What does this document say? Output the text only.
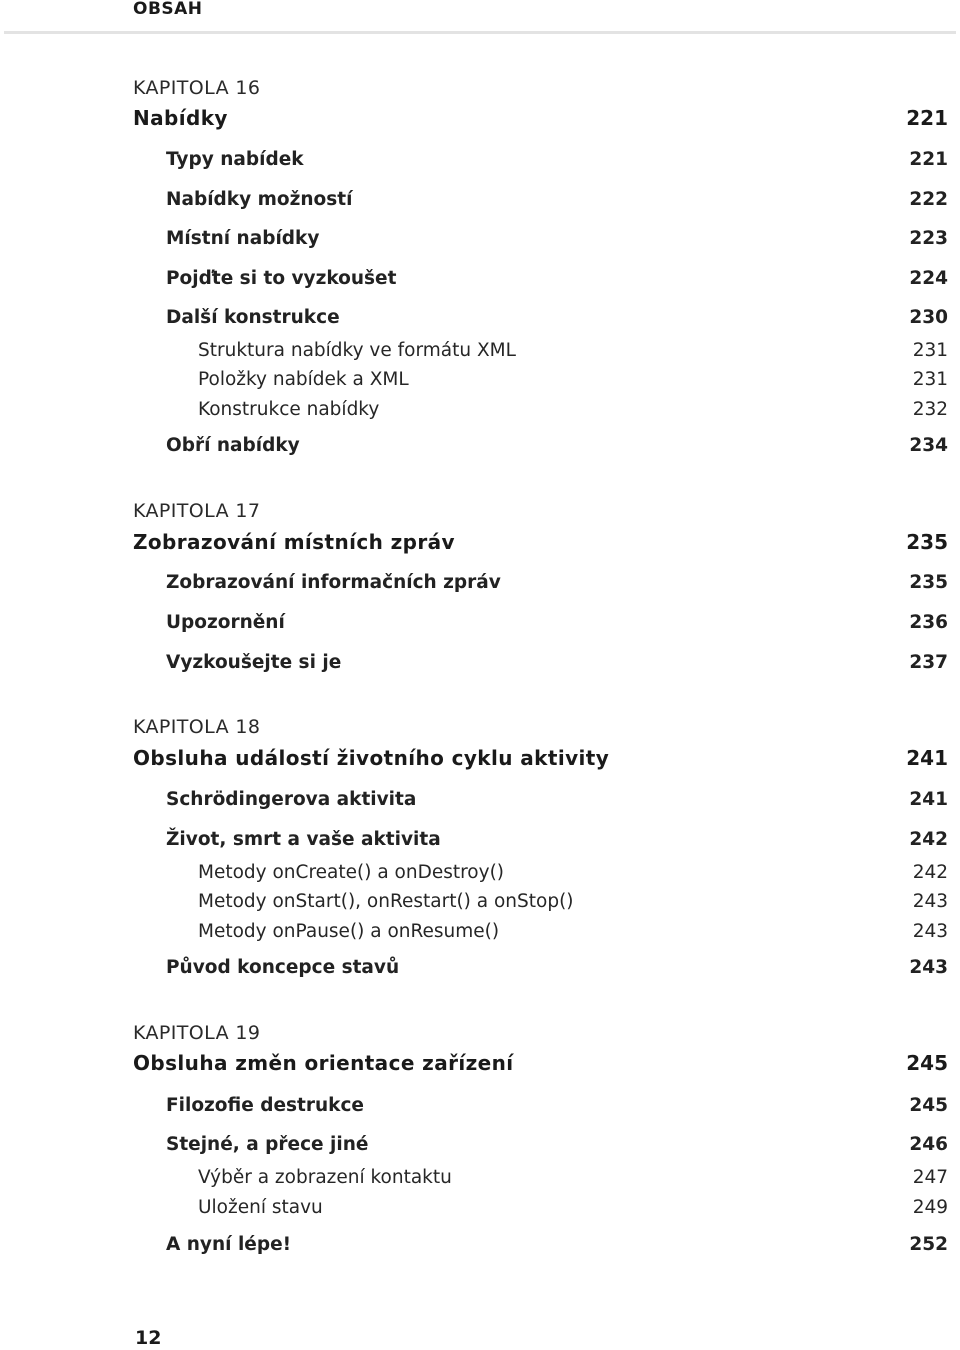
OBSAH
KAPITOLA 16
Nabídky	221
Typy nabídek	221
Nabídky možností	222
Místní nabídky	223
Pojďte si to vyzkoušet	224
Další konstrukce	230
Struktura nabídky ve formátu XML	231
Položky nabídek a XML	231
Konstrukce nabídky	232
Obří nabídky	234
KAPITOLA 17
Zobrazování místních zpráv	235
Zobrazování informačních zpráv	235
Upozornění	236
Vyzkoušejte si je	237
KAPITOLA 18
Obsluha událostí životního cyklu aktivity	241
Schrödingerova aktivita	241
Život, smrt a vaše aktivita	242
Metody onCreate() a onDestroy()	242
Metody onStart(), onRestart() a onStop()	243
Metody onPause() a onResume()	243
Původ koncepce stavů	243
KAPITOLA 19
Obsluha změn orientace zařízení	245
Filozofie destrukce	245
Stejné, a přece jiné	246
Výběr a zobrazení kontaktu	247
Uložení stavu	249
A nyní lépe!	252
12
